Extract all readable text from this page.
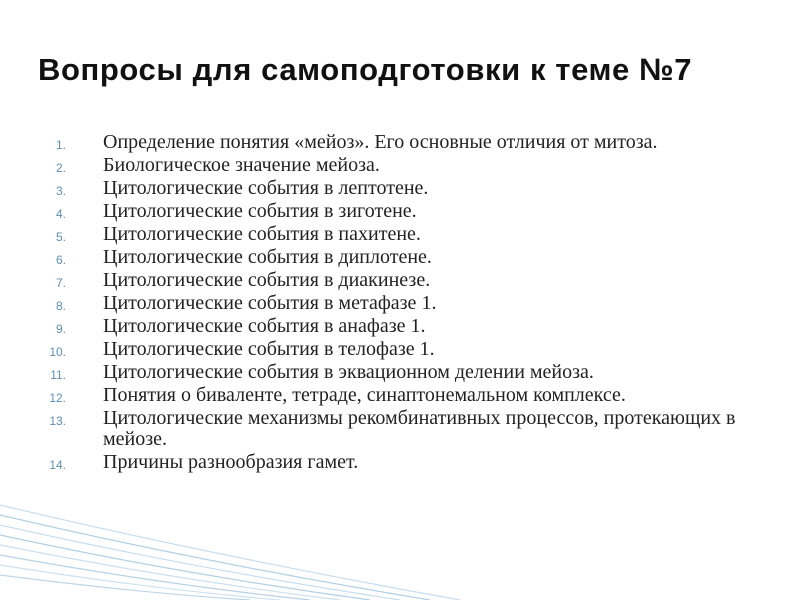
Вопросы для самоподготовки к теме №7
1. Определение понятия «мейоз». Его основные отличия от митоза.
2. Биологическое значение мейоза.
3. Цитологические события в лептотене.
4. Цитологические события в зиготене.
5. Цитологические события в пахитене.
6. Цитологические события в диплотене.
7. Цитологические события в диакинезе.
8. Цитологические события в метафазе 1.
9. Цитологические события в анафазе 1.
10. Цитологические события в телофазе 1.
11. Цитологические события в эквационном делении мейоза.
12. Понятия о биваленте, тетраде, синаптонемальном комплексе.
13. Цитологические механизмы рекомбинативных процессов, протекающих в мейозе.
14. Причины разнообразия гамет.
